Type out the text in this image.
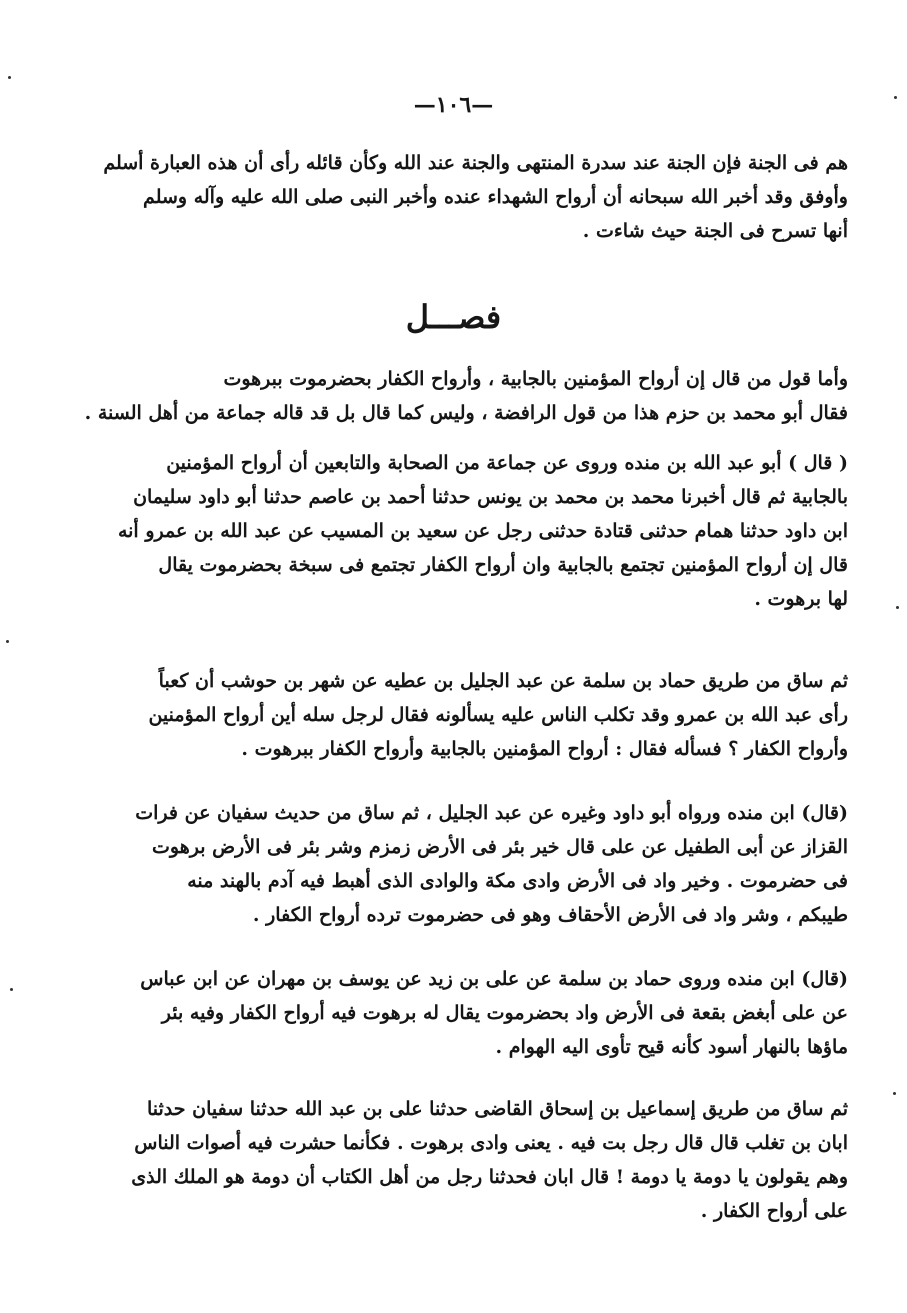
—١٠٦—
هم فى الجنة فإن الجنة عند سدرة المنتهى والجنة عند الله وكأن قائله رأى أن هذه العبارة أسلم
وأوفق وقد أخبر الله سبحانه أن أرواح الشهداء عنده وأخبر النبى صلى الله عليه وآله وسلم
أنها تسرح فى الجنة حيث شاءت .
فصـــل
وأما قول من قال إن أرواح المؤمنين بالجابية ، وأرواح الكفار بحضرموت ببرهوت
فقال أبو محمد بن حزم هذا من قول الرافضة ، وليس كما قال بل قد قاله جماعة من أهل السنة .
( قال ) أبو عبد الله بن منده وروى عن جماعة من الصحابة والتابعين أن أرواح المؤمنين
بالجابية ثم قال أخبرنا محمد بن محمد بن يونس حدثنا أحمد بن عاصم حدثنا أبو داود سليمان
ابن داود حدثنا همام حدثنى قتادة حدثنى رجل عن سعيد بن المسيب عن عبد الله بن عمرو أنه
قال إن أرواح المؤمنين تجتمع بالجابية وان أرواح الكفار تجتمع فى سبخة بحضرموت يقال
لها برهوت .
ثم ساق من طريق حماد بن سلمة عن عبد الجليل بن عطيه عن شهر بن حوشب أن كعباً
رأى عبد الله بن عمرو وقد تكلب الناس عليه يسألونه فقال لرجل سله أين أرواح المؤمنين
وأرواح الكفار ؟ فسأله فقال : أرواح المؤمنين بالجابية وأرواح الكفار ببرهوت .
(قال) ابن منده ورواه أبو داود وغيره عن عبد الجليل ، ثم ساق من حديث سفيان عن فرات
القزاز عن أبى الطفيل عن على قال خير بئر فى الأرض زمزم وشر بئر فى الأرض برهوت
فى حضرموت . وخير واد فى الأرض وادى مكة والوادى الذى أهبط فيه آدم بالهند منه
طيبكم ، وشر واد فى الأرض الأحقاف وهو فى حضرموت ترده أرواح الكفار .
(قال) ابن منده وروى حماد بن سلمة عن على بن زيد عن يوسف بن مهران عن ابن عباس
عن على أبغض بقعة فى الأرض واد بحضرموت يقال له برهوت فيه أرواح الكفار وفيه بئر
ماؤها بالنهار أسود كأنه قيح تأوى اليه الهوام .
ثم ساق من طريق إسماعيل بن إسحاق القاضى حدثنا على بن عبد الله حدثنا سفيان حدثنا
ابان بن تغلب قال قال رجل بت فيه . يعنى وادى برهوت . فكأنما حشرت فيه أصوات الناس
وهم يقولون يا دومة يا دومة ! قال ابان فحدثنا رجل من أهل الكتاب أن دومة هو الملك الذى
على أرواح الكفار .
